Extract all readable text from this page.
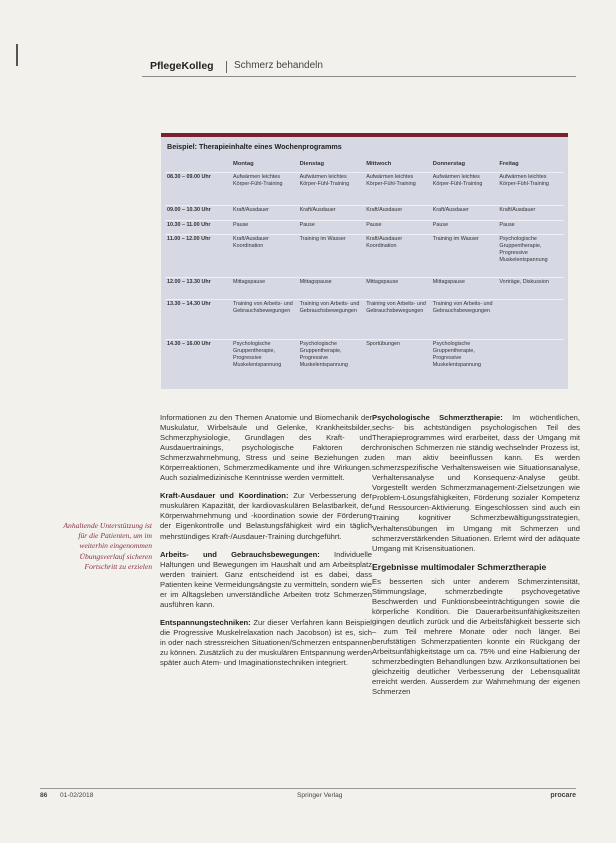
PflegeKolleg Schmerz behandeln
Beispiel: Therapieinhalte eines Wochenprogramms
	Montag	Dienstag	Mittwoch	Donnerstag	Freitag
08.30 – 09.00 Uhr	Aufwärmen leichtes Körper-Fühl-Training	Aufwärmen leichtes Körper-Fühl-Training	Aufwärmen leichtes Körper-Fühl-Training	Aufwärmen leichtes Körper-Fühl-Training	Aufwärmen leichtes Körper-Fühl-Training
09.00 – 10.30 Uhr	Kraft/Ausdauer	Kraft/Ausdauer	Kraft/Ausdauer	Kraft/Ausdauer	Kraft/Ausdauer
10.30 – 11.00 Uhr	Pause	Pause	Pause	Pause	Pause
11.00 – 12.00 Uhr	Kraft/Ausdauer Koordination	Training im Wasser	Kraft/Ausdauer Koordination	Training im Wasser	Psychologische Gruppentherapie, Progressive Muskelentspannung
12.00 – 13.30 Uhr	Mittagspause	Mittagspause	Mittagspause	Mittagspause	Vorträge, Diskussion
13.30 – 14.30 Uhr	Training von Arbeits- und Gebrauchsbewegungen	Training von Arbeits- und Gebrauchsbewegungen	Training von Arbeits- und Gebrauchsbewegungen	Training von Arbeits- und Gebrauchsbewegungen	
14.30 – 16.00 Uhr	Psychologische Gruppentherapie, Progressive Muskelentspannung	Psychologische Gruppentherapie, Progressive Muskelentspannung	Sportübungen	Psychologische Gruppentherapie, Progressive Muskelentspannung	
Anhaltende Unterstützung ist für die Patienten, um im weiterhin eingenommen Übungsverlauf sicheren Fortschritt zu erzielen

Informationen zu den Themen Anatomie und Biomechanik der Muskulatur, Wirbelsäule und Gelenke, Krankheitsbilder, Schmerzphysiologie, Grundlagen des Kraft- und Ausdauertrainings, psychologische Faktoren der Schmerzwahrnehmung, Stress und seine Beziehungen zu Körperreaktionen, Schmerzmedikamente und ihre Wirkungen. Auch sozialmedizinische Kenntnisse werden vermittelt.

Kraft-Ausdauer und Koordination: Zur Verbesserung der muskulären Kapazität, der kardiovaskulären Belastbarkeit, der Körperwahrnehmung und -koordination sowie der Förderung der Eigenkontrolle und Belastungsfähigkeit wird ein täglich mehrstündiges Kraft-/Ausdauer-Training durchgeführt.

Arbeits- und Gebrauchsbewegungen: Individuelle Haltungen und Bewegungen im Haushalt und am Arbeitsplatz werden trainiert. Ganz entscheidend ist es dabei, dass Patienten keine Vermeidungsängste zu vermitteln, sondern wie er im Alltagsleben unverständliche Arbeiten trotz Schmerzen ausführen kann.

Entspannungstechniken: Zur dieser Verfahren kann Beispiel die Progressive Muskelrelaxation nach Jacobson) ist es, sich in oder nach stressreichen Situationen/Schmerzen entspannen zu können. Zusätzlich zu der muskulären Entspannung werden später auch Atem- und Imaginationstechniken integriert.

Psychologische Schmerztherapie: Im wöchentlichen, sechs- bis achtstündigen psychologischen Teil des Therapieprogrammes wird erarbeitet, dass der Umgang mit chronischen Schmerzen nie ständig wechselnder Prozess ist, den man aktiv beeinflussen kann. Es werden schmerzspezifische Verhaltensweisen wie Situationsanalyse, Verhaltensanalyse und Konsequenz-Analyse geübt. Vorgestellt werden Schmerzmanagement-Zielsetzungen wie Problem-Lösungsfähigkeiten, Förderung sozialer Kompetenz und Ressourcen-Aktivierung. Eingeschlossen sind auch ein Training kognitiver Schmerzbewältigungsstrategien, Verhaltensübungen im Umgang mit Schmerzen und schmerzverstärkenden Situationen. Erlernt wird der adäquate Umgang mit Krisensituationen.

Ergebnisse multimodaler Schmerztherapie

Es besserten sich unter anderem Schmerzintensität, Stimmungslage, schmerzbedingte psychovegetative Beschwerden und Funktionsbeeinträchtigungen sowie die körperliche Kondition. Die Dauerarbeitsunfähigkeitszeiten gingen deutlich zurück und die Arbeitsfähigkeit besserte sich – zum Teil mehrere Monate oder noch länger. Bei berufstätigen Schmerzpatienten konnte ein Rückgang der Arbeitsunfähigkeitstage um ca. 75% und eine Halbierung der schmerzbedingten Behandlungen bzw. Arztkonsultationen bei gleichzeitig deutlicher Verbesserung der Lebensqualität erreicht werden. Ausserdem zur Wahrnehmung der eigenen Schmerzen

86 01-02/2018	Springer Verlag	procare
